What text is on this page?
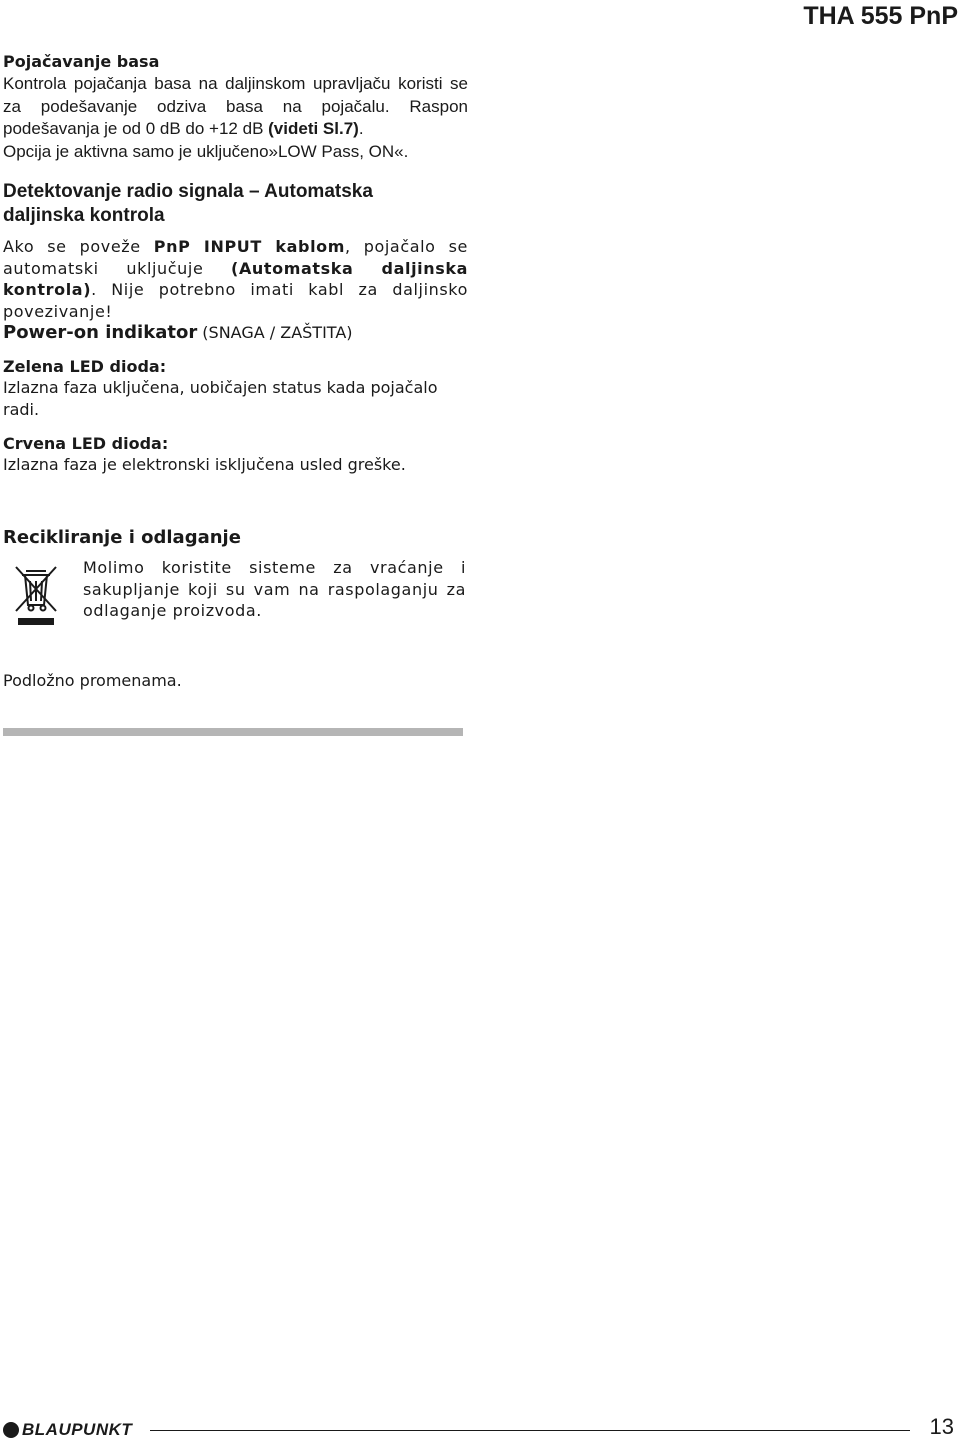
THA 555 PnP
Pojačavanje basa

Kontrola pojačanja basa na daljinskom upravljaču koristi se za podešavanje odziva basa na pojačalu. Raspon podešavanja je od 0 dB do +12 dB (videti Sl.7).

Opcija je aktivna samo je uključeno»LOW Pass, ON«.

Detektovanje radio signala – Automatska daljinska kontrola

Ako se poveže PnP INPUT kablom, pojačalo se automatski uključuje (Automatska daljinska kontrola). Nije potrebno imati kabl za daljinsko povezivanje!

Power-on indikator (SNAGA / ZAŠTITA)

Zelena LED dioda:

Izlazna faza uključena, uobičajen status kada pojačalo radi.

Crvena LED dioda:

Izlazna faza je elektronski isključena usled greške.

Recikliranje i odlaganje

Molimo koristite sisteme za vraćanje i sakupljanje koji su vam na raspolaganju za odlaganje proizvoda.

Podložno promenama.

BLAUPUNKT	13
